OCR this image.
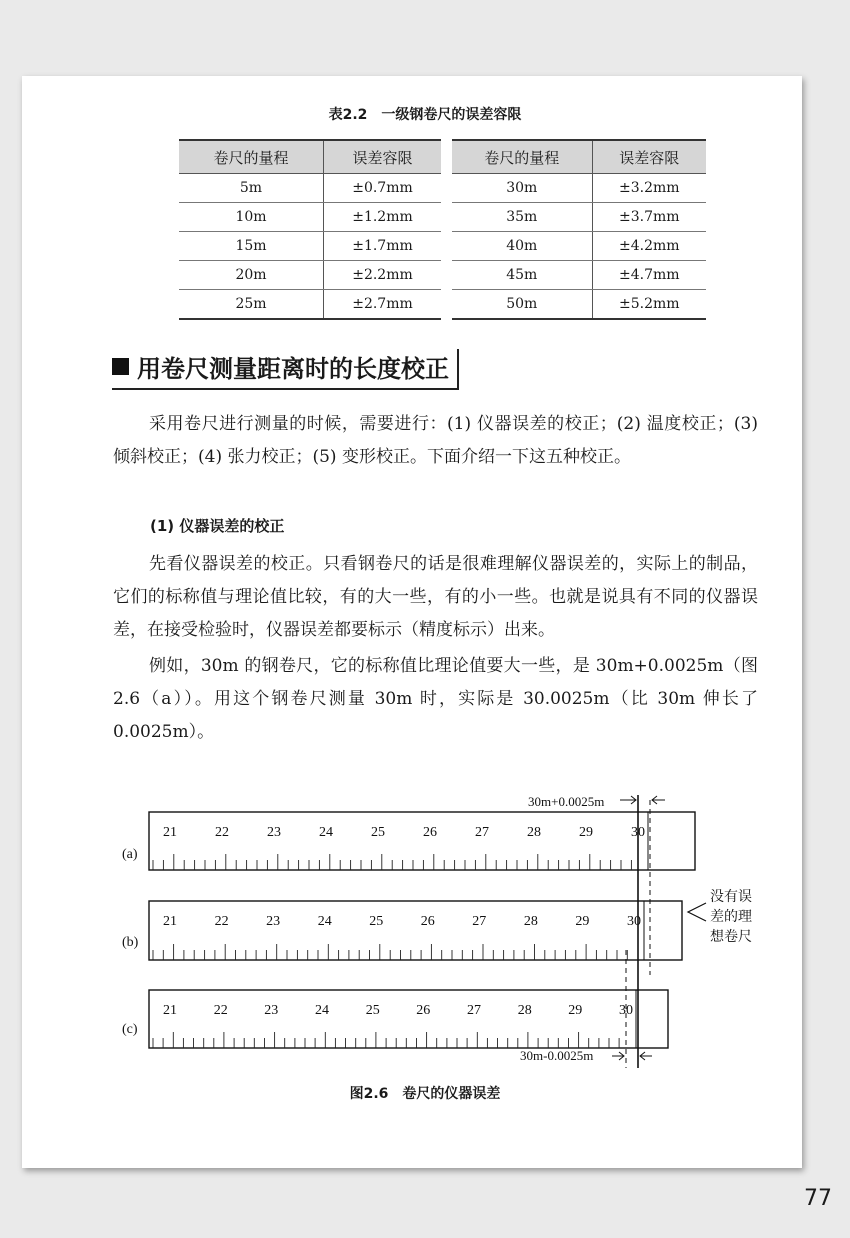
表2.2　一级钢卷尺的误差容限
卷尺的量程	误差容限
5m	±0.7mm
10m	±1.2mm
15m	±1.7mm
20m	±2.2mm
25m	±2.7mm
卷尺的量程	误差容限
30m	±3.2mm
35m	±3.7mm
40m	±4.2mm
45m	±4.7mm
50m	±5.2mm
用卷尺测量距离时的长度校正
采用卷尺进行测量的时候，需要进行：(1) 仪器误差的校正；(2) 温度校正；(3) 倾斜校正；(4) 张力校正；(5) 变形校正。下面介绍一下这五种校正。
(1) 仪器误差的校正
先看仪器误差的校正。只看钢卷尺的话是很难理解仪器误差的，实际上的制品，它们的标称值与理论值比较，有的大一些，有的小一些。也就是说具有不同的仪器误差，在接受检验时，仪器误差都要标示（精度标示）出来。
例如，30m 的钢卷尺，它的标称值比理论值要大一些，是 30m+0.0025m（图 2.6（a））。用这个钢卷尺测量 30m 时，实际是 30.0025m（比 30m 伸长了 0.0025m）。
30m+0.0025m
30m-0.0025m
没有误
差的理
想卷尺
(a)
21	22	23	24	25	26	27	28	29	30
(b)
21	22	23	24	25	26	27	28	29	30
(c)
21	22	23	24	25	26	27	28	29	30
图2.6　卷尺的仪器误差
77
